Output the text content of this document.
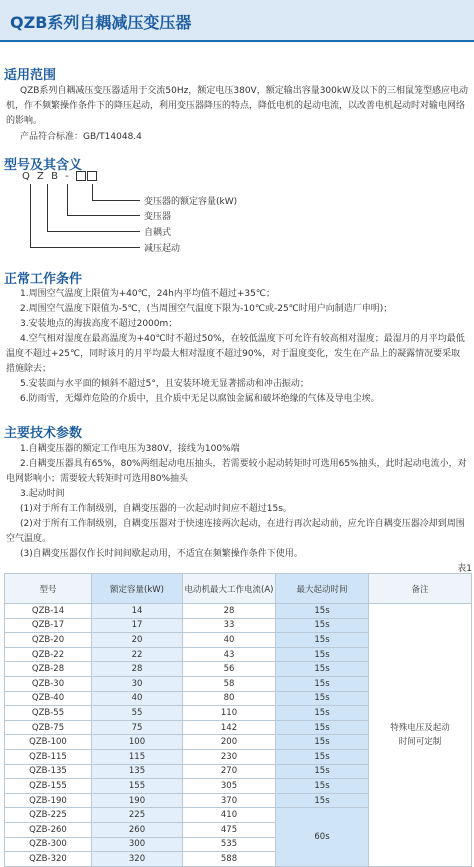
QZB系列自耦减压变压器
适用范围
QZB系列自耦减压变压器适用于交流50Hz，额定电压380V，额定输出容量300kW及以下的三相鼠笼型感应电动机，作不频繁操作条件下的降压起动，利用变压器降压的特点，降低电机的起动电流，以改善电机起动时对输电网络的影响。
产品符合标准：GB/T14048.4
型号及其含义
Q Z B -
变压器的额定容量(kW)
变压器
自耦式
减压起动
正常工作条件
1.周围空气温度上限值为+40℃，24h内平均值不超过+35℃；
2.周围空气温度下限值为-5℃，(当周围空气温度下限为-10℃或-25℃时用户向制造厂申明)；
3.安装地点的海拔高度不超过2000m；
4.空气相对湿度在最高温度为+40℃时不超过50%，在较低温度下可允许有较高相对湿度；最湿月的月平均最低温度不超过+25℃，同时该月的月平均最大相对湿度不超过90%，对于温度变化，发生在产品上的凝露情况要采取措施除去；
5.安装面与水平面的倾斜不超过5°，且安装环境无显著摇动和冲击振动；
6.防雨雪，无爆炸危险的介质中，且介质中无足以腐蚀金属和破坏绝缘的气体及导电尘埃。
主要技术参数
1.自耦变压器的额定工作电压为380V，接线为100%端
2.自耦变压器具有65%，80%两组起动电压抽头，若需要较小起动转矩时可选用65%抽头，此时起动电流小，对电网影响小；需要较大转矩时可选用80%抽头
3.起动时间
(1)对于所有工作制级别，自耦变压器的一次起动时间应不超过15s。
(2)对于所有工作制级别，自耦变压器对于快速连接两次起动，在进行再次起动前，应允许自耦变压器冷却到周围空气温度。
(3)自耦变压器仅作长时间间歇起动用，不适宜在频繁操作条件下使用。
表1
型号	额定容量(kW)	电动机最大工作电流(A)	最大起动时间	备注
QZB-14	14	28	15s	特殊电压及起动时间可定制
QZB-17	17	33	15s	
QZB-20	20	40	15s	
QZB-22	22	43	15s	
QZB-28	28	56	15s	
QZB-30	30	58	15s	
QZB-40	40	80	15s	
QZB-55	55	110	15s	
QZB-75	75	142	15s	
QZB-100	100	200	15s	
QZB-115	115	230	15s	
QZB-135	135	270	15s	
QZB-155	155	305	15s	
QZB-190	190	370	15s	
QZB-225	225	410	60s	
QZB-260	260	475		
QZB-300	300	535		
QZB-320	320	588		
